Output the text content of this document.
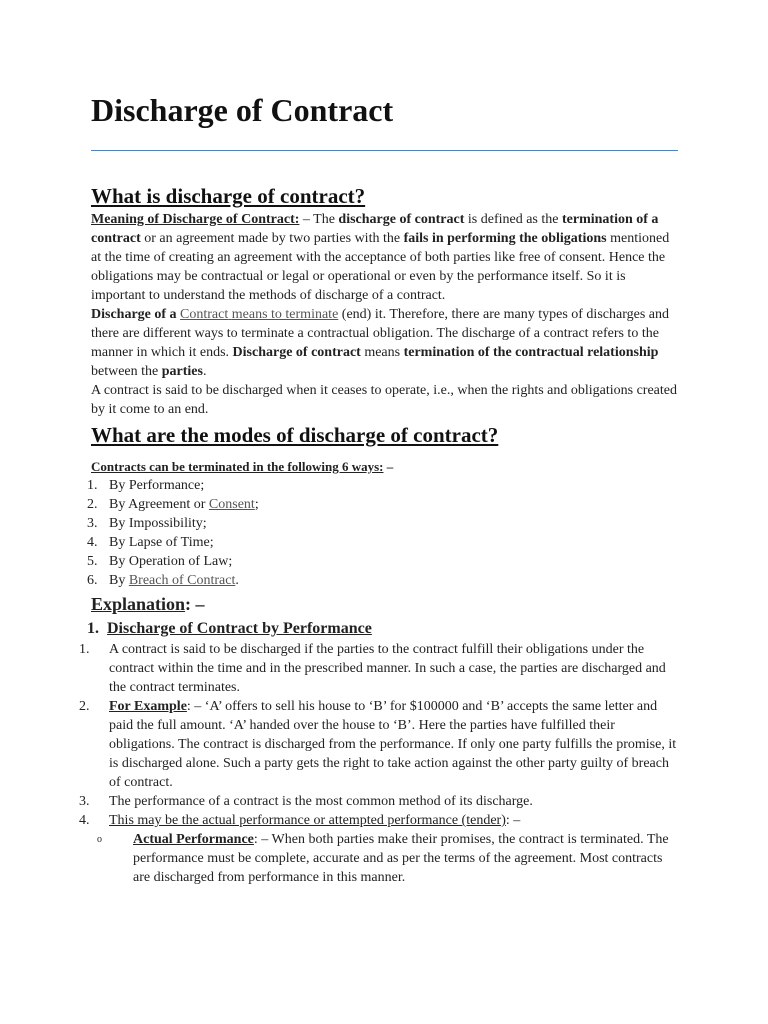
Discharge of Contract
What is discharge of contract?

Meaning of Discharge of Contract: – The discharge of contract is defined as the termination of a contract or an agreement made by two parties with the fails in performing the obligations mentioned at the time of creating an agreement with the acceptance of both parties like free of consent. Hence the obligations may be contractual or legal or operational or even by the performance itself. So it is important to understand the methods of discharge of a contract.

Discharge of a Contract means to terminate (end) it. Therefore, there are many types of discharges and there are different ways to terminate a contractual obligation. The discharge of a contract refers to the manner in which it ends. Discharge of contract means termination of the contractual relationship between the parties.

A contract is said to be discharged when it ceases to operate, i.e., when the rights and obligations created by it come to an end.

What are the modes of discharge of contract?

Contracts can be terminated in the following 6 ways: –

1. By Performance;
2. By Agreement or Consent;
3. By Impossibility;
4. By Lapse of Time;
5. By Operation of Law;
6. By Breach of Contract.

Explanation: –

1. Discharge of Contract by Performance

1.	A contract is said to be discharged if the parties to the contract fulfill their obligations under the contract within the time and in the prescribed manner. In such a case, the parties are discharged and the contract terminates.
2.	For Example: – ‘A’ offers to sell his house to ‘B’ for $100000 and ‘B’ accepts the same letter and paid the full amount. ‘A’ handed over the house to ‘B’. Here the parties have fulfilled their obligations. The contract is discharged from the performance. If only one party fulfills the promise, it is discharged alone. Such a party gets the right to take action against the other party guilty of breach of contract.
3.	The performance of a contract is the most common method of its discharge.
4.	This may be the actual performance or attempted performance (tender): –
o Actual Performance: – When both parties make their promises, the contract is terminated. The performance must be complete, accurate and as per the terms of the agreement. Most contracts are discharged from performance in this manner.
